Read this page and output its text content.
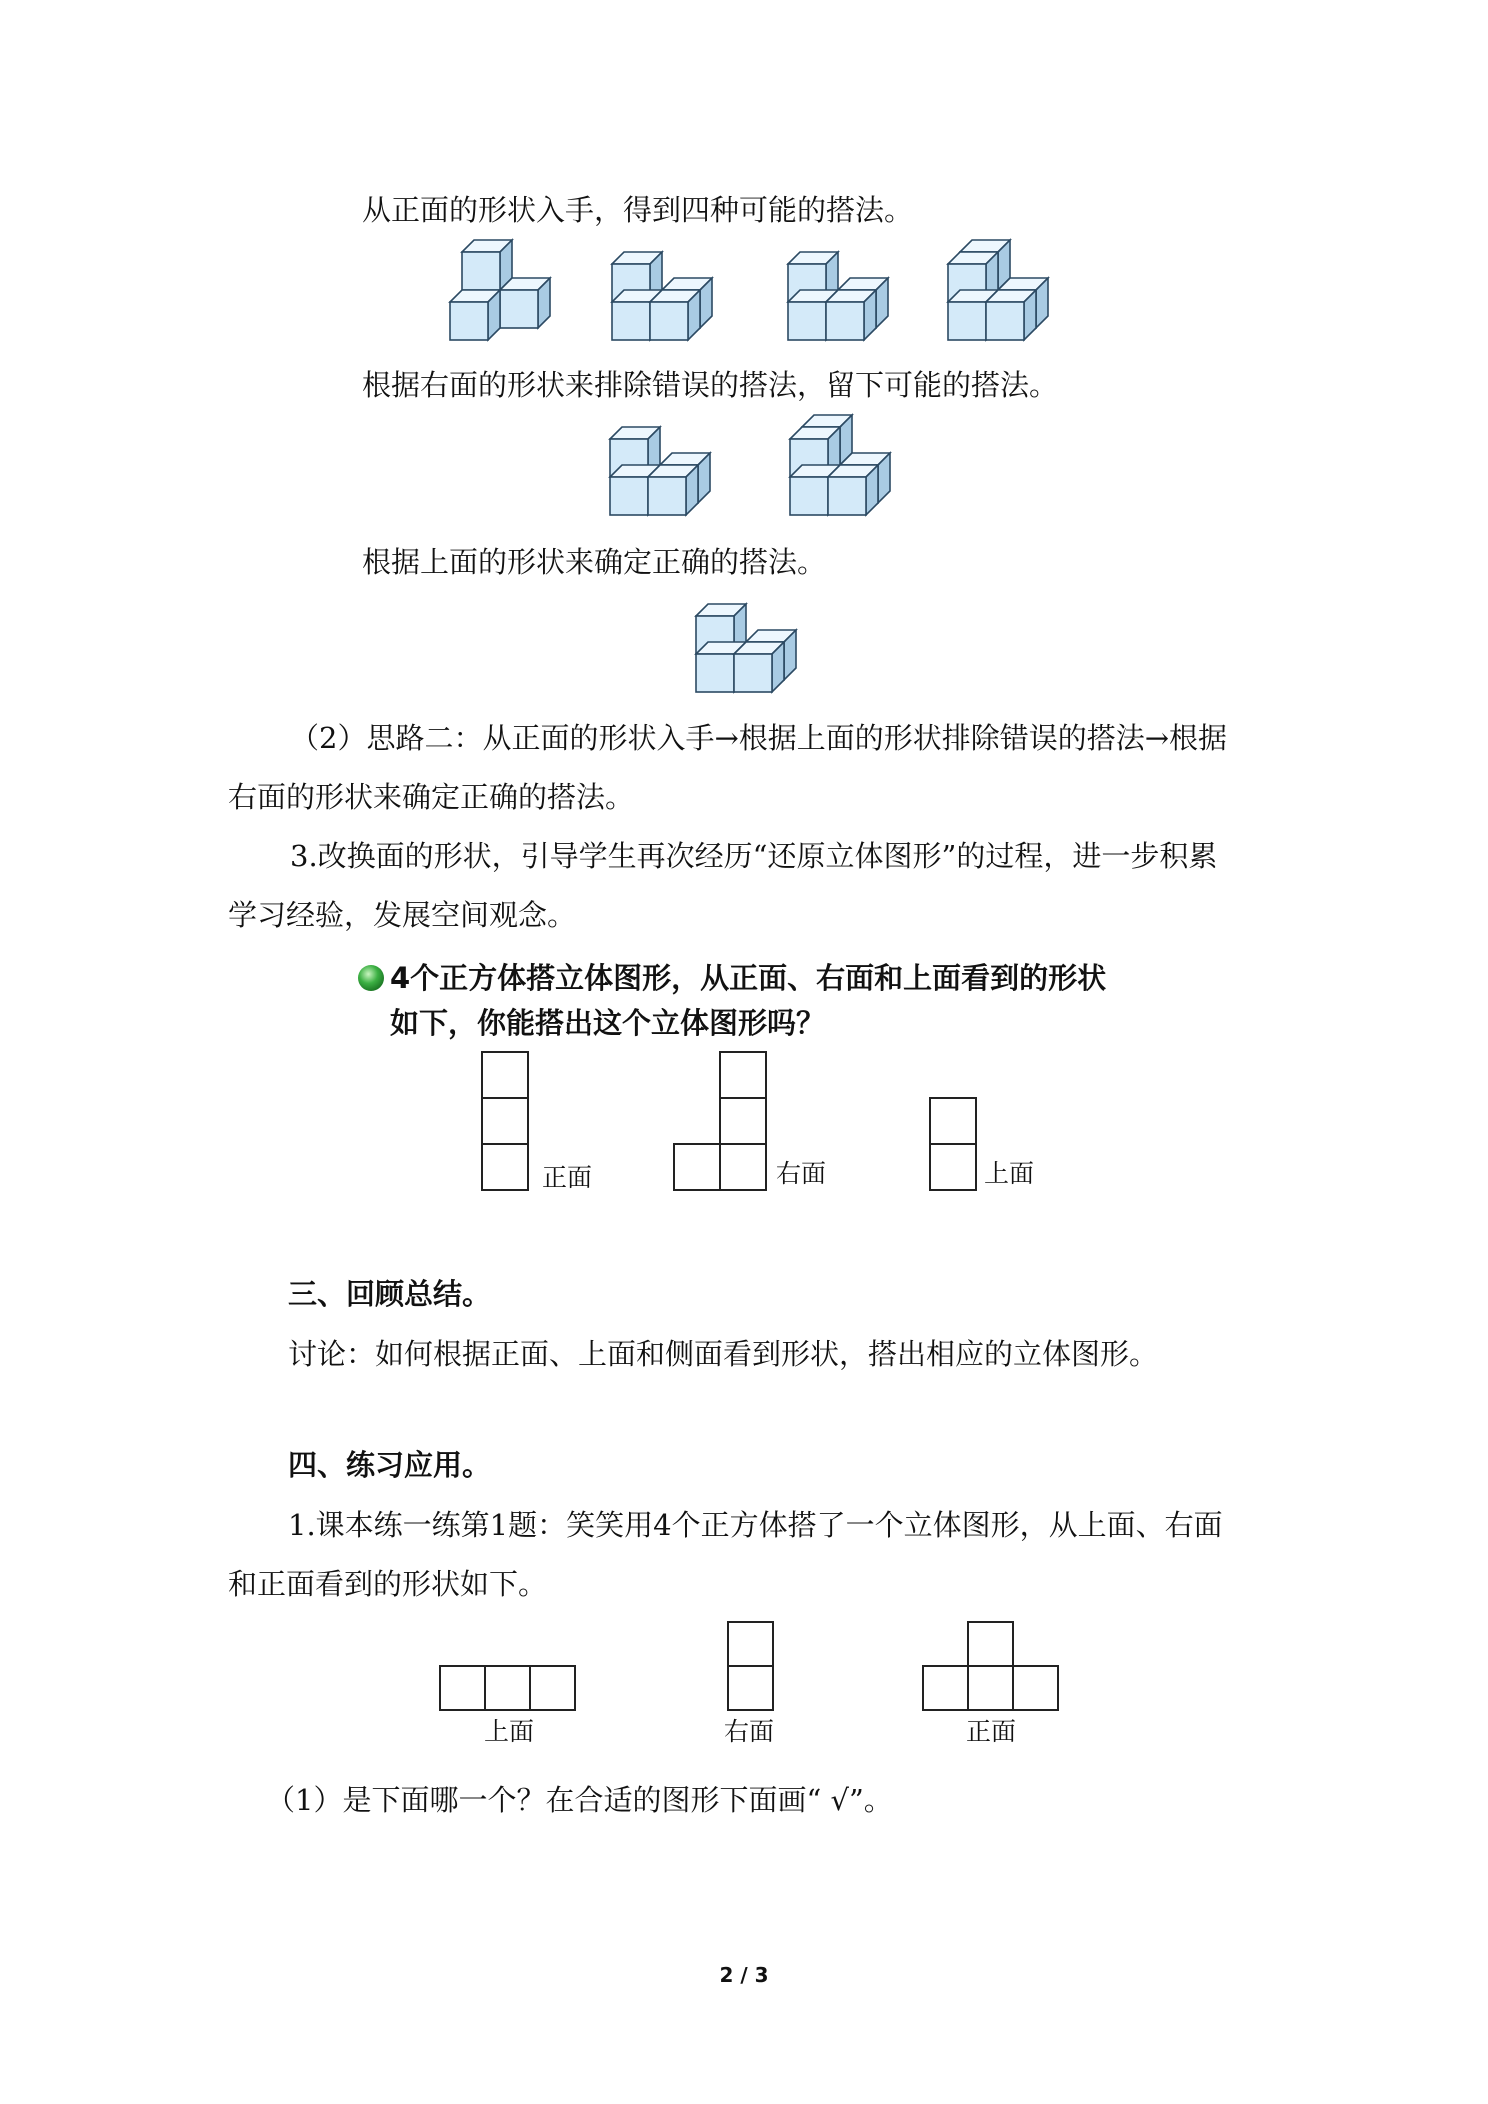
从正面的形状入手，得到四种可能的搭法。
根据右面的形状来排除错误的搭法，留下可能的搭法。
根据上面的形状来确定正确的搭法。
（2）思路二：从正面的形状入手→根据上面的形状排除错误的搭法→根据
右面的形状来确定正确的搭法。
3.改换面的形状，引导学生再次经历“还原立体图形”的过程，进一步积累
学习经验，发展空间观念。
4个正方体搭立体图形，从正面、右面和上面看到的形状
如下，你能搭出这个立体图形吗？
正面	右面	上面
三、回顾总结。
讨论：如何根据正面、上面和侧面看到形状，搭出相应的立体图形。
四、练习应用。
1.课本练一练第1题：笑笑用4个正方体搭了一个立体图形，从上面、右面
和正面看到的形状如下。
上面	右面	正面
（1）是下面哪一个？在合适的图形下面画“ √”。
2 / 3
